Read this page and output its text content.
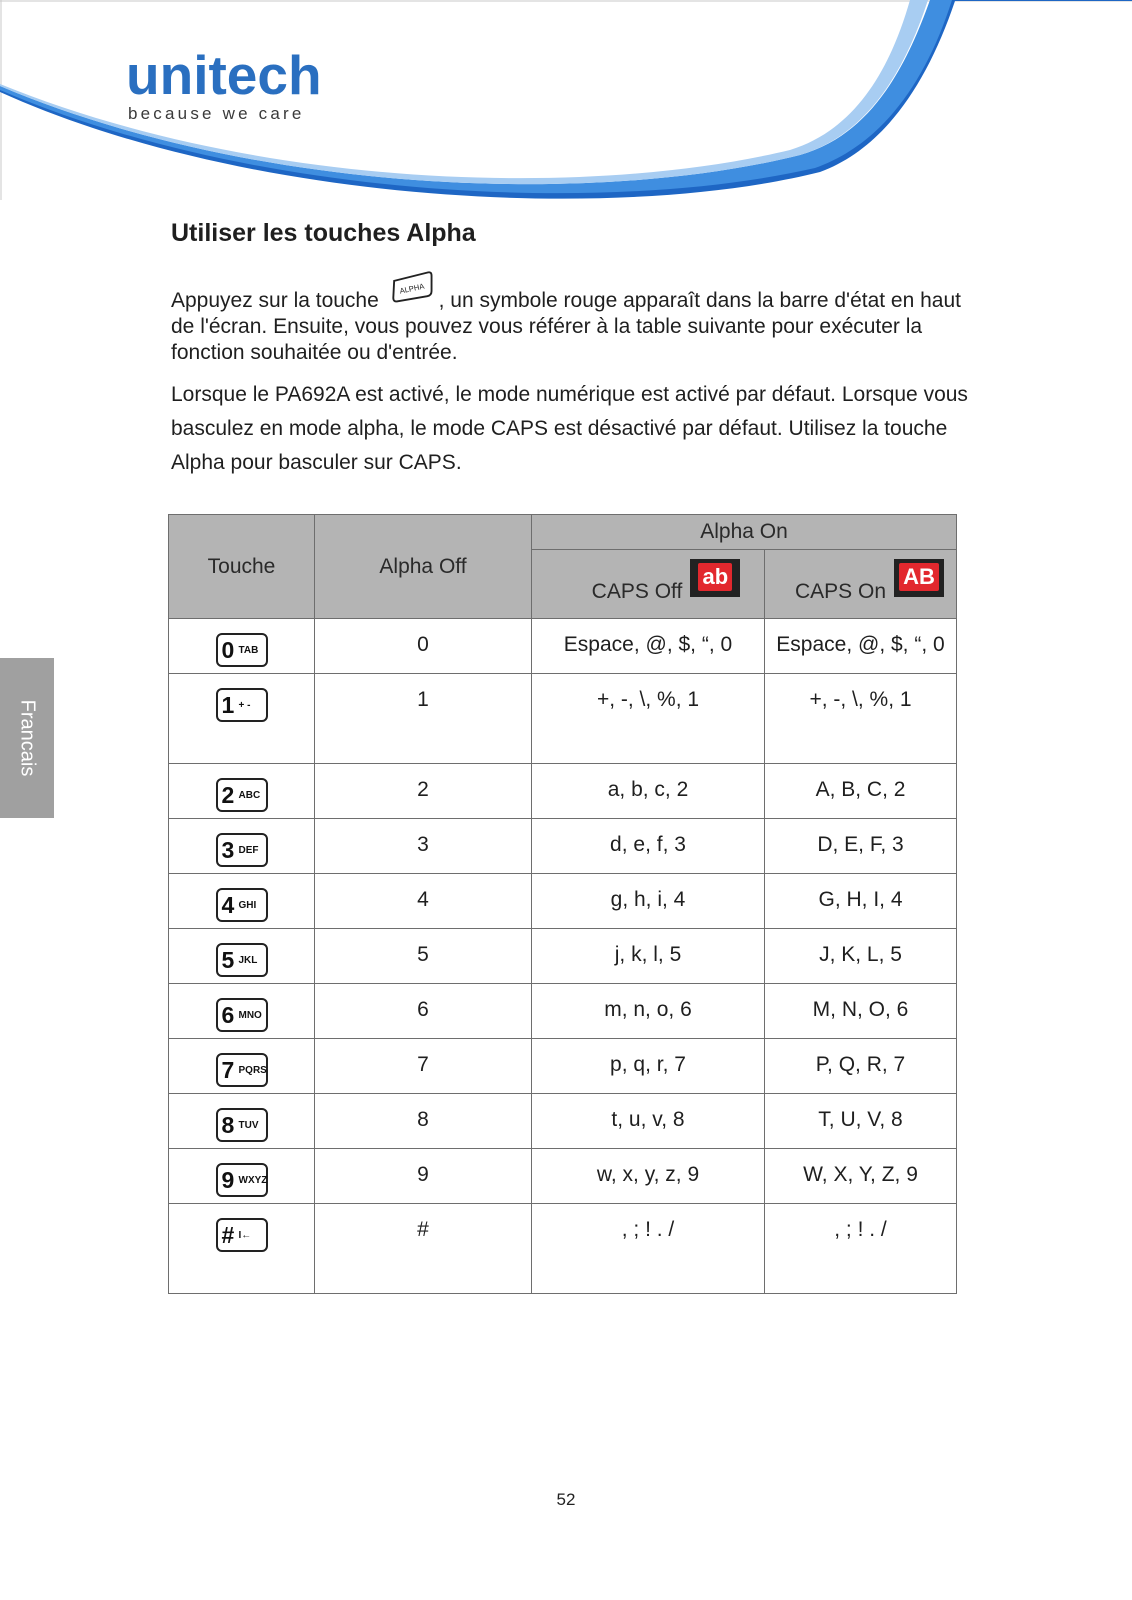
unitech
because we care
Francais
Utiliser les touches Alpha
Appuyez sur la touche
ALPHA
, un symbole rouge apparaît dans la barre d'état en haut de l'écran. Ensuite, vous pouvez vous référer à la table suivante pour exécuter la fonction souhaitée ou d'entrée.
Lorsque le PA692A est activé, le mode numérique est activé par défaut. Lorsque vous basculez en mode alpha, le mode CAPS est désactivé par défaut. Utilisez la touche Alpha pour basculer sur CAPS.
Touche	Alpha Off	Alpha On	
		CAPS Offab	CAPS OnAB

0 TAB	0	Espace, @, $, “, 0	Espace, @, $, “, 0

1 + -	1	+, -, \, %, 1	+, -, \, %, 1

2 ABC	2	a, b, c, 2	A, B, C, 2

3 DEF	3	d, e, f, 3	D, E, F, 3

4 GHI	4	g, h, i, 4	G, H, I, 4

5 JKL	5	j, k, l, 5	J, K, L, 5

6 MNO	6	m, n, o, 6	M, N, O, 6

7 PQRS	7	p, q, r, 7	P, Q, R, 7

8 TUV	8	t, u, v, 8	T, U, V, 8

9 WXYZ	9	w, x, y, z, 9	W, X, Y, Z, 9

# I←	#	, ; ! . /	, ; ! . /
52
